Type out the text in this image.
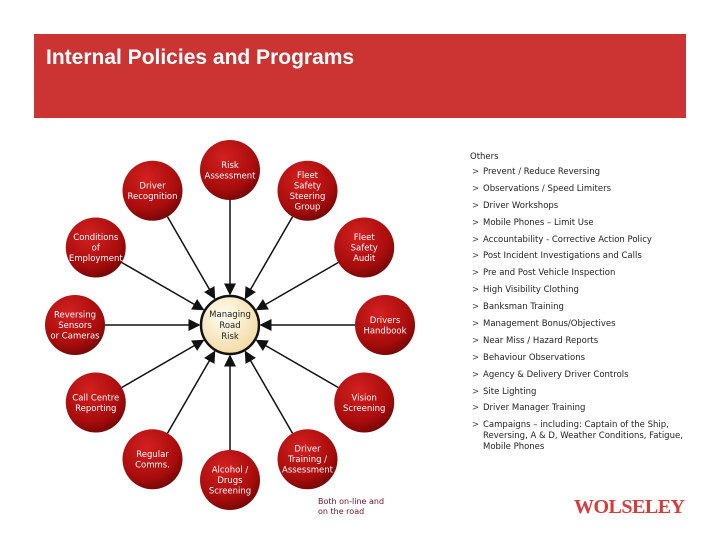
Internal Policies and Programs
Risk
Assessment	Fleet
Safety
Steering
Group
Fleet
Safety
Audit
Drivers
Handbook
Vision
Screening
Driver
Training /
Assessment
Alcohol /
Drugs
Screening
Regular
Comms.
Call Centre
Reporting
Reversing
Sensors
or Cameras
Conditions
of
Employment
Driver
Recognition
Managing
Road
Risk
Both on-line and
on the road
Others
> Prevent / Reduce Reversing
> Observations / Speed Limiters
> Driver Workshops
> Mobile Phones – Limit Use
> Accountability - Corrective Action Policy
> Post Incident Investigations and Calls
> Pre and Post Vehicle Inspection
> High Visibility Clothing
> Banksman Training
> Management Bonus/Objectives
> Near Miss / Hazard Reports
> Behaviour Observations
> Agency & Delivery Driver Controls
> Site Lighting
> Driver Manager Training
> Campaigns – including: Captain of the Ship, Reversing, A & D, Weather Conditions, Fatigue, Mobile Phones
WOLSELEY
